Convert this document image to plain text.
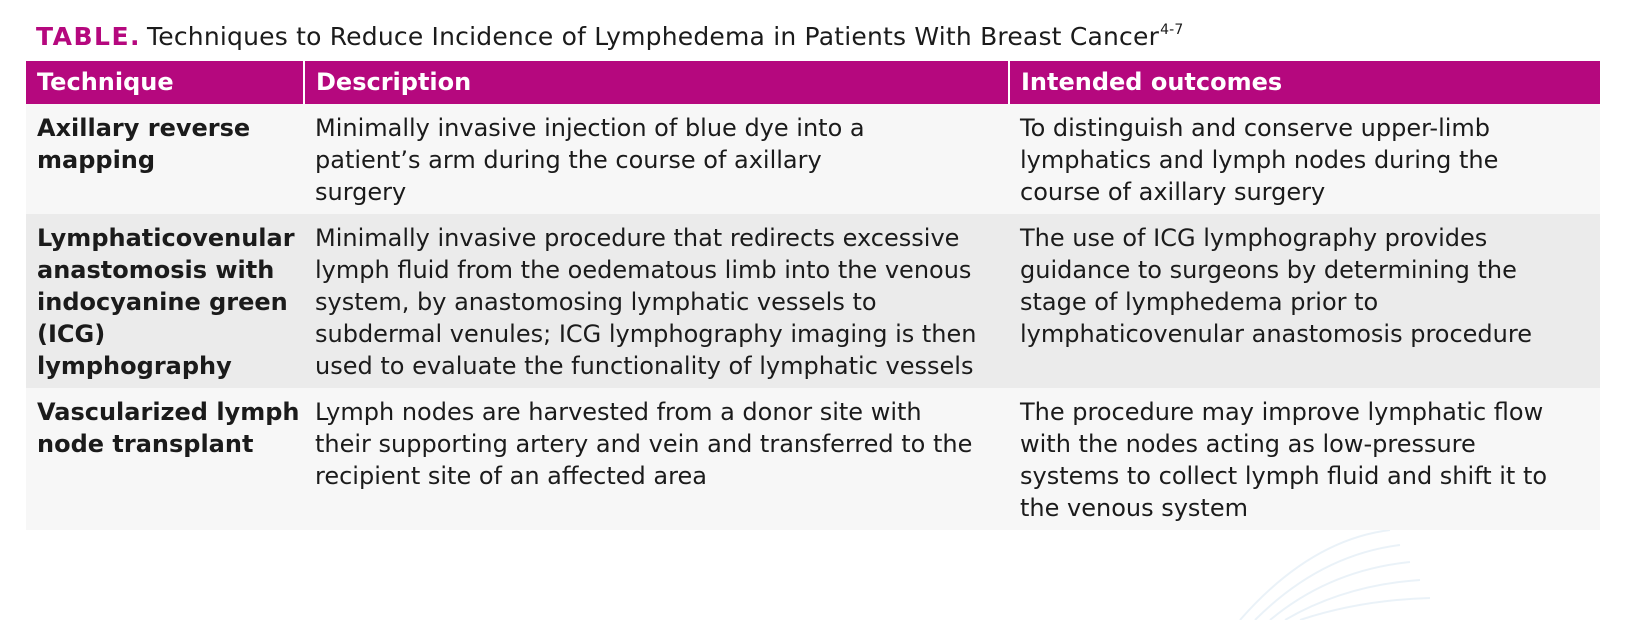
TABLE. Techniques to Reduce Incidence of Lymphedema in Patients With Breast Cancer$^{4-7}$
Technique	Description	Intended outcomes
Axillary reverse mapping	Minimally invasive injection of blue dye into a patient’s arm during the course of axillary surgery	To distinguish and conserve upper-limb lymphatics and lymph nodes during the course of axillary surgery
Lymphaticovenular anastomosis with indocyanine green (ICG) lymphography	Minimally invasive procedure that redirects excessive lymph fluid from the oedematous limb into the venous system, by anastomosing lymphatic vessels to subdermal venules; ICG lymphography imaging is then used to evaluate the functionality of lymphatic vessels	The use of ICG lymphography provides guidance to surgeons by determining the stage of lymphedema prior to lymphaticovenular anastomosis procedure
Vascularized lymph node transplant	Lymph nodes are harvested from a donor site with their supporting artery and vein and transferred to the recipient site of an affected area	The procedure may improve lymphatic flow with the nodes acting as low-pressure systems to collect lymph fluid and shift it to the venous system
